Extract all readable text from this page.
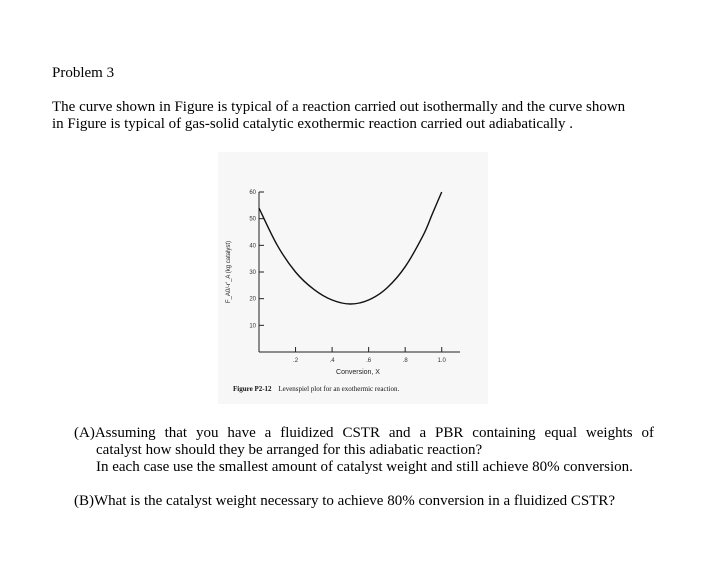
Problem 3
The curve shown in Figure is typical of a reaction carried out isothermally and the curve shown
in Figure is typical of gas-solid catalytic exothermic reaction carried out adiabatically .
10
20
30
40
50
60
.2	.4	.6	.8	1.0
Conversion, X
F_A0/-r'_A (kg catalyst)
Figure P2-12 Levenspiel plot for an exothermic reaction.
(A)Assuming that you have a fluidized CSTR and a PBR containing equal weights of
catalyst how should they be arranged for this adiabatic reaction?
In each case use the smallest amount of catalyst weight and still achieve 80% conversion.
(B)What is the catalyst weight necessary to achieve 80% conversion in a fluidized CSTR?
